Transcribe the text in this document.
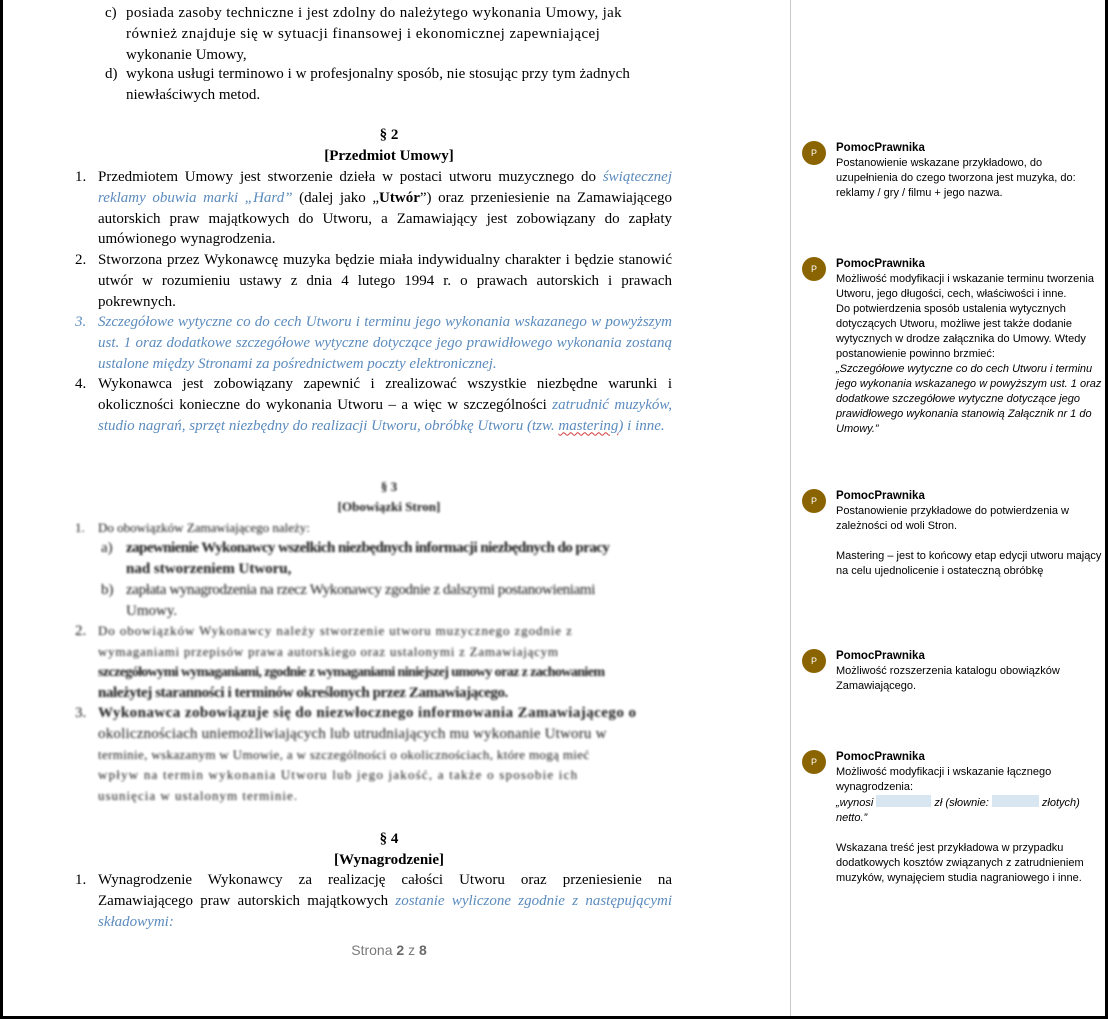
c) posiada zasoby techniczne i jest zdolny do należytego wykonania Umowy, jak
również znajduje się w sytuacji finansowej i ekonomicznej zapewniającej
wykonanie Umowy,
d) wykona usługi terminowo i w profesjonalny sposób, nie stosując przy tym żadnych
niewłaściwych metod.
§ 2
[Przedmiot Umowy]
1. Przedmiotem Umowy jest stworzenie dzieła w postaci utworu muzycznego do świątecznej reklamy obuwia marki „Hard” (dalej jako „Utwór”) oraz przeniesienie na Zamawiającego autorskich praw majątkowych do Utworu, a Zamawiający jest zobowiązany do zapłaty umówionego wynagrodzenia.
2. Stworzona przez Wykonawcę muzyka będzie miała indywidualny charakter i będzie stanowić utwór w rozumieniu ustawy z dnia 4 lutego 1994 r. o prawach autorskich i prawach pokrewnych.
3. Szczegółowe wytyczne co do cech Utworu i terminu jego wykonania wskazanego w powyższym ust. 1 oraz dodatkowe szczegółowe wytyczne dotyczące jego prawidłowego wykonania zostaną ustalone między Stronami za pośrednictwem poczty elektronicznej.
4. Wykonawca jest zobowiązany zapewnić i zrealizować wszystkie niezbędne warunki i okoliczności konieczne do wykonania Utworu – a więc w szczególności zatrudnić muzyków, studio nagrań, sprzęt niezbędny do realizacji Utworu, obróbkę Utworu (tzw. mastering) i inne.
§ 3
[Obowiązki Stron]
1. Do obowiązków Zamawiającego należy:
a) zapewnienie Wykonawcy wszelkich niezbędnych informacji niezbędnych do pracy
nad stworzeniem Utworu,
b) zapłata wynagrodzenia na rzecz Wykonawcy zgodnie z dalszymi postanowieniami
Umowy.
2. Do obowiązków Wykonawcy należy stworzenie utworu muzycznego zgodnie z
wymaganiami przepisów prawa autorskiego oraz ustalonymi z Zamawiającym
szczegółowymi wymaganiami, zgodnie z wymaganiami niniejszej umowy oraz z zachowaniem
należytej staranności i terminów określonych przez Zamawiającego.
3. Wykonawca zobowiązuje się do niezwłocznego informowania Zamawiającego o
okolicznościach uniemożliwiających lub utrudniających mu wykonanie Utworu w
terminie, wskazanym w Umowie, a w szczególności o okolicznościach, które mogą mieć
wpływ na termin wykonania Utworu lub jego jakość, a także o sposobie ich
usunięcia w ustalonym terminie.
§ 4
[Wynagrodzenie]
1. Wynagrodzenie Wykonawcy za realizację całości Utworu oraz przeniesienie na Zamawiającego praw autorskich majątkowych zostanie wyliczone zgodnie z następującymi składowymi:
Strona 2 z 8
P	PomocPrawnika

Postanowienie wskazane przykładowo, do uzupełnienia do czego tworzona jest muzyka, do: reklamy / gry / filmu + jego nazwa.

P	PomocPrawnika

Możliwość modyfikacji i wskazanie terminu tworzenia Utworu, jego długości, cech, właściwości i inne.

Do potwierdzenia sposób ustalenia wytycznych dotyczących Utworu, możliwe jest także dodanie wytycznych w drodze załącznika do Umowy. Wtedy postanowienie powinno brzmieć:

„Szczegółowe wytyczne co do cech Utworu i terminu jego wykonania wskazanego w powyższym ust. 1 oraz dodatkowe szczegółowe wytyczne dotyczące jego prawidłowego wykonania stanowią Załącznik nr 1 do Umowy.”

P	PomocPrawnika

Postanowienie przykładowe do potwierdzenia w zależności od woli Stron.

Mastering – jest to końcowy etap edycji utworu mający na celu ujednolicenie i ostateczną obróbkę

P	PomocPrawnika

Możliwość rozszerzenia katalogu obowiązków Zamawiającego.

P	PomocPrawnika

Możliwość modyfikacji i wskazanie łącznego wynagrodzenia:

„wynosi	zł (słownie:	złotych) netto.”

Wskazana treść jest przykładowa w przypadku dodatkowych kosztów związanych z zatrudnieniem muzyków, wynajęciem studia nagraniowego i inne.
